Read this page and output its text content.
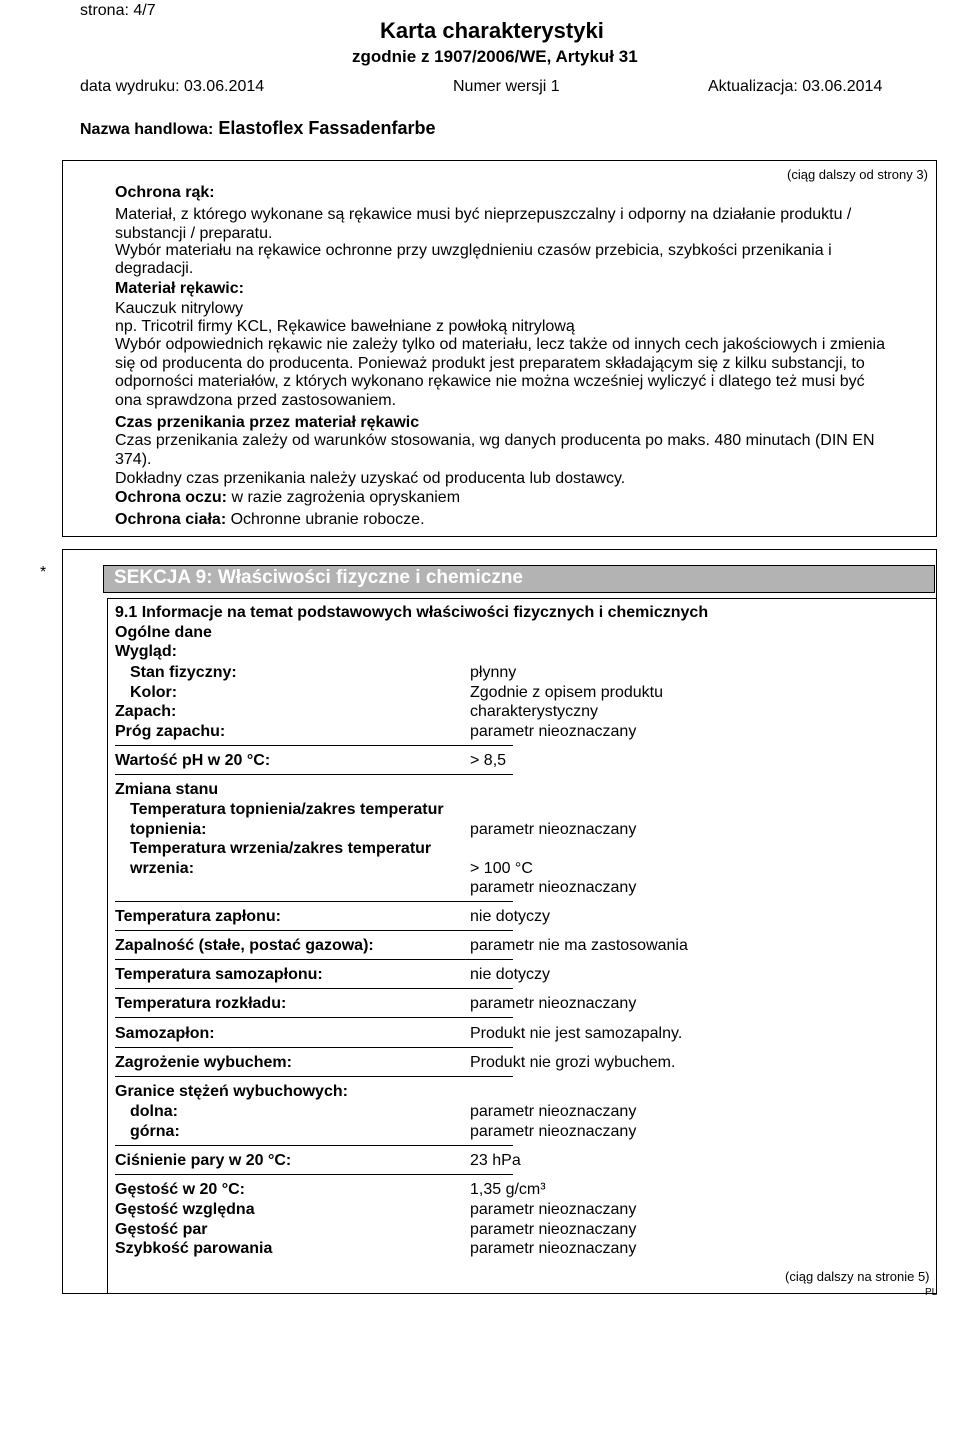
strona: 4/7
Karta charakterystyki
zgodnie z 1907/2006/WE, Artykuł 31
data wydruku: 03.06.2014	Numer wersji 1	Aktualizacja: 03.06.2014
Nazwa handlowa: Elastoflex Fassadenfarbe
(ciąg dalszy od strony 3)
Ochrona rąk:
Materiał, z którego wykonane są rękawice musi być nieprzepuszczalny i odporny na działanie produktu /
substancji / preparatu.
Wybór materiału na rękawice ochronne przy uwzględnieniu czasów przebicia, szybkości przenikania i
degradacji.
Materiał rękawic:
Kauczuk nitrylowy
np. Tricotril firmy KCL, Rękawice bawełniane z powłoką nitrylową
Wybór odpowiednich rękawic nie zależy tylko od materiału, lecz także od innych cech jakościowych i zmienia
się od producenta do producenta. Ponieważ produkt jest preparatem składającym się z kilku substancji, to
odporności materiałów, z których wykonano rękawice nie można wcześniej wyliczyć i dlatego też musi być
ona sprawdzona przed zastosowaniem.
Czas przenikania przez materiał rękawic
Czas przenikania zależy od warunków stosowania, wg danych producenta po maks. 480 minutach (DIN EN
374).
Dokładny czas przenikania należy uzyskać od producenta lub dostawcy.
Ochrona oczu: w razie zagrożenia opryskaniem
Ochrona ciała: Ochronne ubranie robocze.
*	SEKCJA 9: Właściwości fizyczne i chemiczne
9.1 Informacje na temat podstawowych właściwości fizycznych i chemicznych
Ogólne dane
Wygląd:
Stan fizyczny:	płynny
Kolor:	Zgodnie z opisem produktu
Zapach:	charakterystyczny
Próg zapachu:	parametr nieoznaczany
Wartość pH w 20 °C:	> 8,5
Zmiana stanu
Temperatura topnienia/zakres temperatur
topnienia:	parametr nieoznaczany
Temperatura wrzenia/zakres temperatur
wrzenia:	> 100 °C
parametr nieoznaczany
Temperatura zapłonu:	nie dotyczy
Zapalność (stałe, postać gazowa):	parametr nie ma zastosowania
Temperatura samozapłonu:	nie dotyczy
Temperatura rozkładu:	parametr nieoznaczany
Samozapłon:	Produkt nie jest samozapalny.
Zagrożenie wybuchem:	Produkt nie grozi wybuchem.
Granice stężeń wybuchowych:
dolna:	parametr nieoznaczany
górna:	parametr nieoznaczany
Ciśnienie pary w 20 °C:	23 hPa
Gęstość w 20 °C:	1,35 g/cm³
Gęstość względna	parametr nieoznaczany
Gęstość par	parametr nieoznaczany
Szybkość parowania	parametr nieoznaczany
(ciąg dalszy na stronie 5)
PL
